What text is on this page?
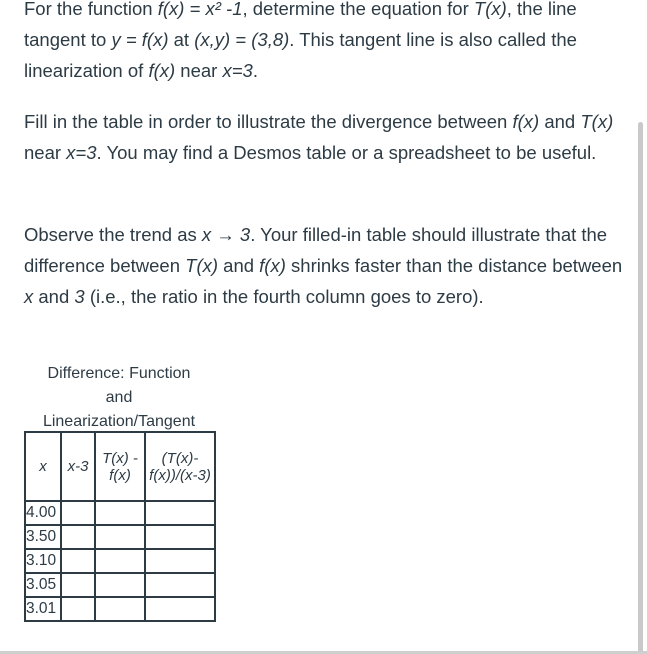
For the function f(x) = x² -1, determine the equation for T(x), the line tangent to y = f(x) at (x,y) = (3,8). This tangent line is also called the linearization of f(x) near x=3.

Fill in the table in order to illustrate the divergence between f(x) and T(x) near x=3. You may find a Desmos table or a spreadsheet to be useful.

Observe the trend as x → 3. Your filled-in table should illustrate that the difference between T(x) and f(x) shrinks faster than the distance between x and 3 (i.e., the ratio in the fourth column goes to zero).

Difference: Function
and
Linearization/Tangent
x	x-3	T(x) - f(x)	(T(x)-f(x))/(x-3)
4.00			
3.50			
3.10			
3.05			
3.01			
